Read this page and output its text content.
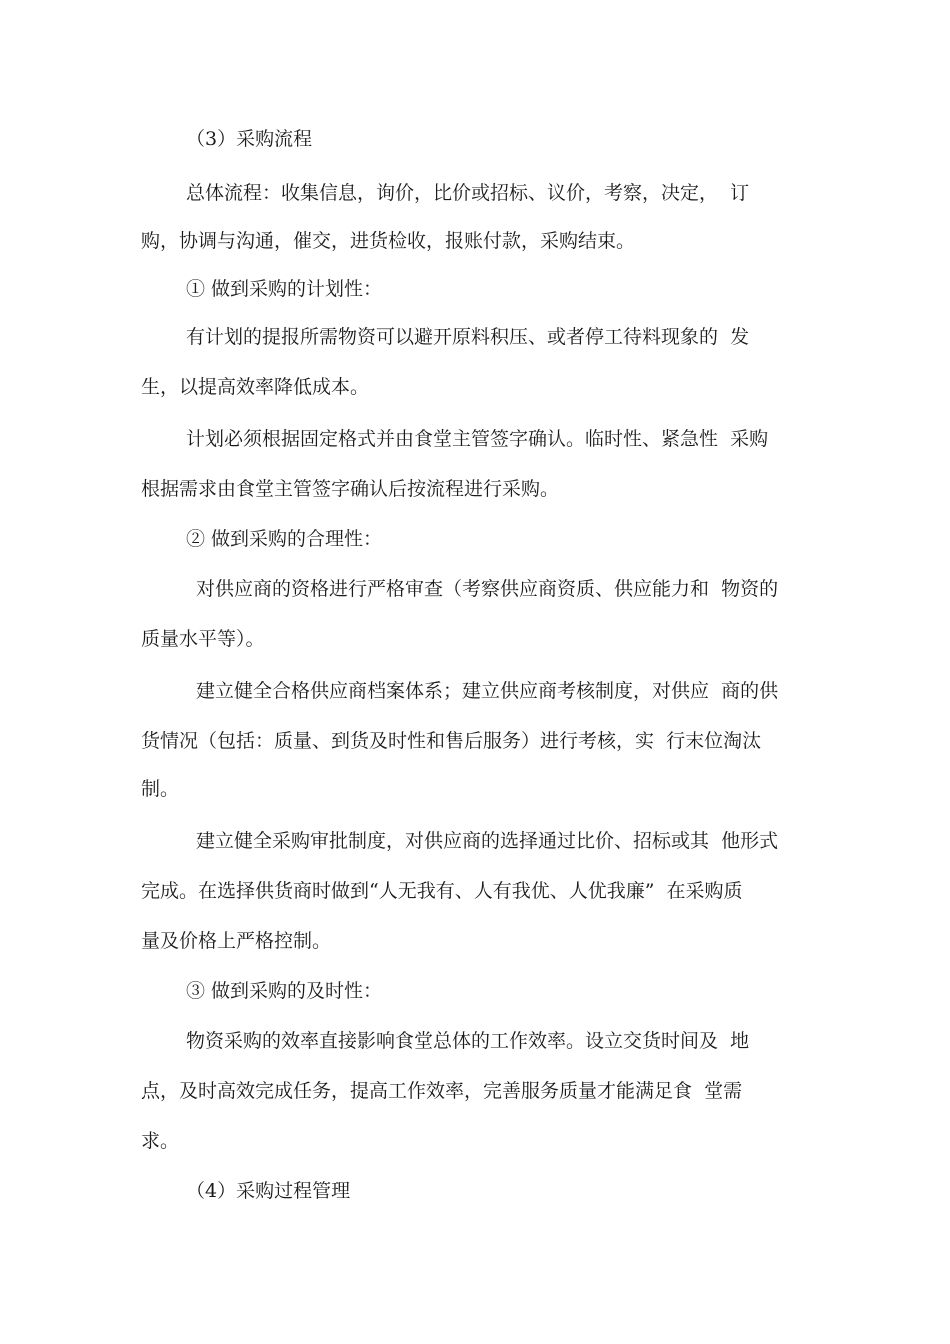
（3）采购流程
总体流程：收集信息，询价，比价或招标、议价，考察，决定，  订
购，协调与沟通，催交，进货检收，报账付款，采购结束。
① 做到采购的计划性：
有计划的提报所需物资可以避开原料积压、或者停工待料现象的  发
生，以提高效率降低成本。
计划必须根据固定格式并由食堂主管签字确认。临时性、紧急性  采购
根据需求由食堂主管签字确认后按流程进行采购。
② 做到采购的合理性：
对供应商的资格进行严格审查（考察供应商资质、供应能力和  物资的
质量水平等）。
建立健全合格供应商档案体系；建立供应商考核制度，对供应  商的供
货情况（包括：质量、到货及时性和售后服务）进行考核，实  行末位淘汰
制。
建立健全采购审批制度，对供应商的选择通过比价、招标或其  他形式
完成。在选择供货商时做到“人无我有、人有我优、人优我廉”  在采购质
量及价格上严格控制。
③ 做到采购的及时性：
物资采购的效率直接影响食堂总体的工作效率。设立交货时间及  地
点，及时高效完成任务，提高工作效率，完善服务质量才能满足食  堂需
求。
（4）采购过程管理
